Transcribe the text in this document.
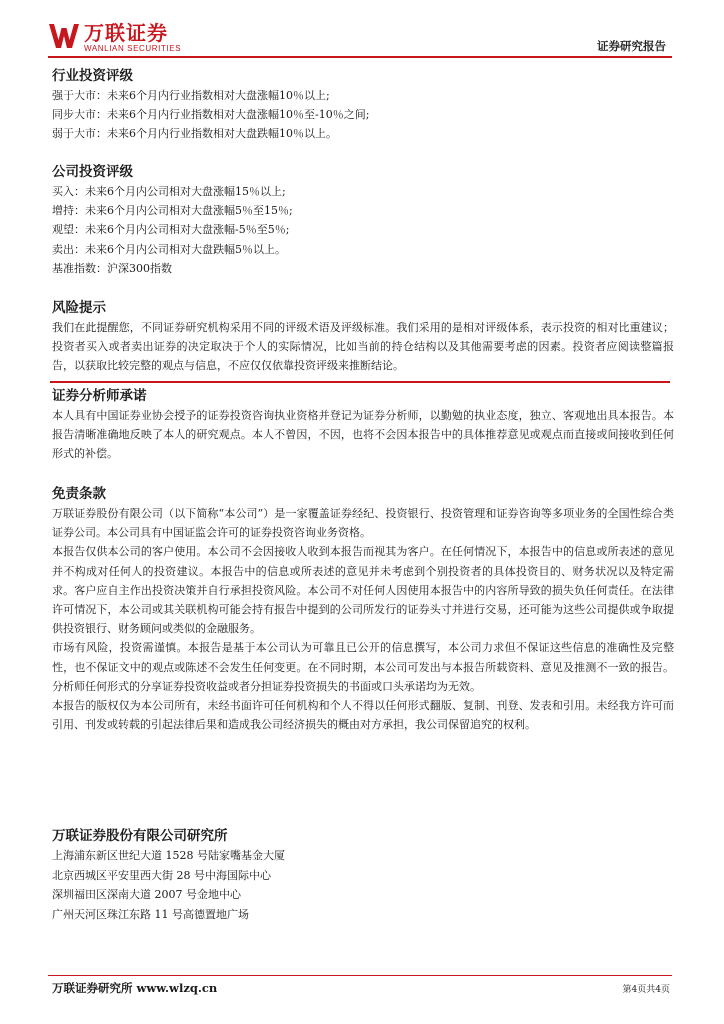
万联证券
WANLIAN SECURITIES	证券研究报告
行业投资评级

强于大市：未来6个月内行业指数相对大盘涨幅10％以上;

同步大市：未来6个月内行业指数相对大盘涨幅10％至-10％之间;

弱于大市：未来6个月内行业指数相对大盘跌幅10％以上。

公司投资评级

买入：未来6个月内公司相对大盘涨幅15％以上;

增持：未来6个月内公司相对大盘涨幅5％至15％;

观望：未来6个月内公司相对大盘涨幅-5％至5％;

卖出：未来6个月内公司相对大盘跌幅5％以上。

基准指数：沪深300指数

风险提示

我们在此提醒您，不同证券研究机构采用不同的评级术语及评级标准。我们采用的是相对评级体系，表示投资的相对比重建议；投资者买入或者卖出证券的决定取决于个人的实际情况，比如当前的持仓结构以及其他需要考虑的因素。投资者应阅读整篇报告，以获取比较完整的观点与信息，不应仅仅依靠投资评级来推断结论。

证券分析师承诺

本人具有中国证券业协会授予的证券投资咨询执业资格并登记为证券分析师，以勤勉的执业态度，独立、客观地出具本报告。本报告清晰准确地反映了本人的研究观点。本人不曾因，不因，也将不会因本报告中的具体推荐意见或观点而直接或间接收到任何形式的补偿。

免责条款

万联证券股份有限公司（以下简称“本公司”）是一家覆盖证券经纪、投资银行、投资管理和证券咨询等多项业务的全国性综合类证券公司。本公司具有中国证监会许可的证券投资咨询业务资格。

本报告仅供本公司的客户使用。本公司不会因接收人收到本报告而视其为客户。在任何情况下，本报告中的信息或所表述的意见并不构成对任何人的投资建议。本报告中的信息或所表述的意见并未考虑到个别投资者的具体投资目的、财务状况以及特定需求。客户应自主作出投资决策并自行承担投资风险。本公司不对任何人因使用本报告中的内容所导致的损失负任何责任。在法律许可情况下，本公司或其关联机构可能会持有报告中提到的公司所发行的证券头寸并进行交易，还可能为这些公司提供或争取提供投资银行、财务顾问或类似的金融服务。

市场有风险，投资需谨慎。本报告是基于本公司认为可靠且已公开的信息撰写，本公司力求但不保证这些信息的准确性及完整性，也不保证文中的观点或陈述不会发生任何变更。在不同时期，本公司可发出与本报告所载资料、意见及推测不一致的报告。分析师任何形式的分享证券投资收益或者分担证券投资损失的书面或口头承诺均为无效。

本报告的版权仅为本公司所有，未经书面许可任何机构和个人不得以任何形式翻版、复制、刊登、发表和引用。未经我方许可而引用、刊发或转载的引起法律后果和造成我公司经济损失的概由对方承担，我公司保留追究的权利。

万联证券股份有限公司研究所

上海浦东新区世纪大道 1528 号陆家嘴基金大厦

北京西城区平安里西大街 28 号中海国际中心

深圳福田区深南大道 2007 号金地中心

广州天河区珠江东路 11 号高德置地广场

万联证券研究所 www.wlzq.cn	第4页共4页
